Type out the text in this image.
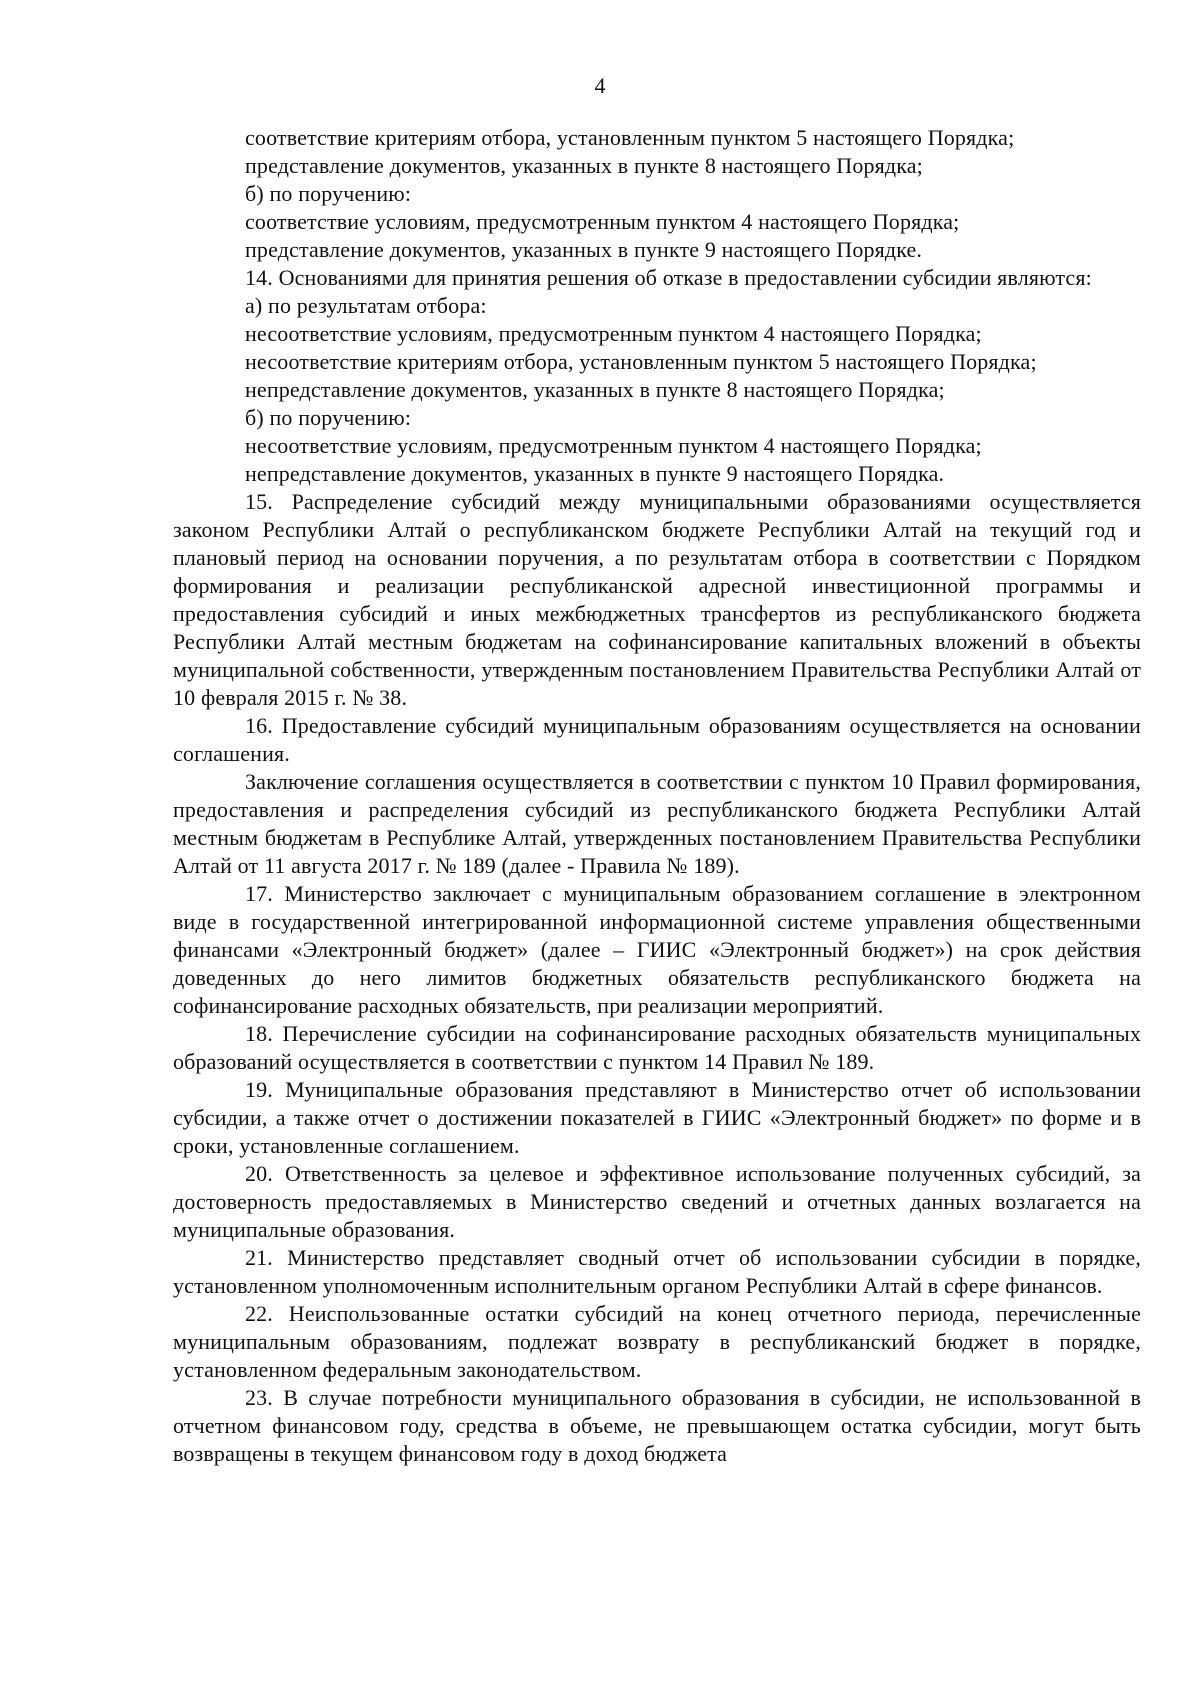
4

соответствие критериям отбора, установленным пунктом 5 настоящего Порядка;

представление документов, указанных в пункте 8 настоящего Порядка;

б) по поручению:

соответствие условиям, предусмотренным пунктом 4 настоящего Порядка;

представление документов, указанных в пункте 9 настоящего Порядке.

14. Основаниями для принятия решения об отказе в предоставлении субсидии являются:

а) по результатам отбора:

несоответствие условиям, предусмотренным пунктом 4 настоящего Порядка;

несоответствие критериям отбора, установленным пунктом 5 настоящего Порядка;

непредставление документов, указанных в пункте 8 настоящего Порядка;

б) по поручению:

несоответствие условиям, предусмотренным пунктом 4 настоящего Порядка;

непредставление документов, указанных в пункте 9 настоящего Порядка.

15. Распределение субсидий между муниципальными образованиями осуществляется законом Республики Алтай о республиканском бюджете Республики Алтай на текущий год и плановый период на основании поручения, а по результатам отбора в соответствии с Порядком формирования и реализации республиканской адресной инвестиционной программы и предоставления субсидий и иных межбюджетных трансфертов из республиканского бюджета Республики Алтай местным бюджетам на софинансирование капитальных вложений в объекты муниципальной собственности, утвержденным постановлением Правительства Республики Алтай от 10 февраля 2015 г. № 38.

16. Предоставление субсидий муниципальным образованиям осуществляется на основании соглашения.

Заключение соглашения осуществляется в соответствии с пунктом 10 Правил формирования, предоставления и распределения субсидий из республиканского бюджета Республики Алтай местным бюджетам в Республике Алтай, утвержденных постановлением Правительства Республики Алтай от 11 августа 2017 г. № 189 (далее - Правила № 189).

17. Министерство заключает с муниципальным образованием соглашение в электронном виде в государственной интегрированной информационной системе управления общественными финансами «Электронный бюджет» (далее – ГИИС «Электронный бюджет») на срок действия доведенных до него лимитов бюджетных обязательств республиканского бюджета на софинансирование расходных обязательств, при реализации мероприятий.

18. Перечисление субсидии на софинансирование расходных обязательств муниципальных образований осуществляется в соответствии с пунктом 14 Правил № 189.

19. Муниципальные образования представляют в Министерство отчет об использовании субсидии, а также отчет о достижении показателей в ГИИС «Электронный бюджет» по форме и в сроки, установленные соглашением.

20. Ответственность за целевое и эффективное использование полученных субсидий, за достоверность предоставляемых в Министерство сведений и отчетных данных возлагается на муниципальные образования.

21. Министерство представляет сводный отчет об использовании субсидии в порядке, установленном уполномоченным исполнительным органом Республики Алтай в сфере финансов.

22. Неиспользованные остатки субсидий на конец отчетного периода, перечисленные муниципальным образованиям, подлежат возврату в республиканский бюджет в порядке, установленном федеральным законодательством.

23. В случае потребности муниципального образования в субсидии, не использованной в отчетном финансовом году, средства в объеме, не превышающем остатка субсидии, могут быть возвращены в текущем финансовом году в доход бюджета
